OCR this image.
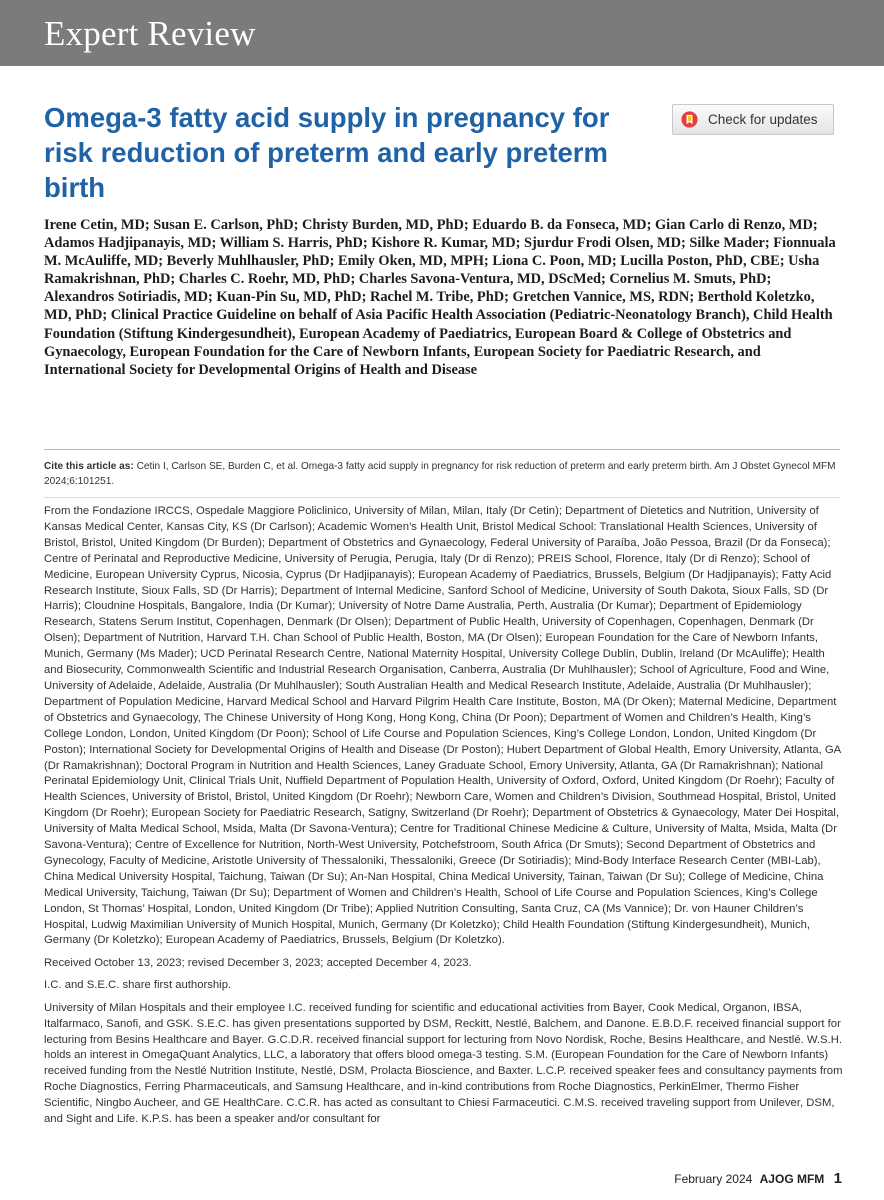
Expert Review
Omega-3 fatty acid supply in pregnancy for risk reduction of preterm and early preterm birth
Check for updates

Irene Cetin, MD; Susan E. Carlson, PhD; Christy Burden, MD, PhD; Eduardo B. da Fonseca, MD; Gian Carlo di Renzo, MD; Adamos Hadjipanayis, MD; William S. Harris, PhD; Kishore R. Kumar, MD; Sjurdur Frodi Olsen, MD; Silke Mader; Fionnuala M. McAuliffe, MD; Beverly Muhlhausler, PhD; Emily Oken, MD, MPH; Liona C. Poon, MD; Lucilla Poston, PhD, CBE; Usha Ramakrishnan, PhD; Charles C. Roehr, MD, PhD; Charles Savona-Ventura, MD, DScMed; Cornelius M. Smuts, PhD; Alexandros Sotiriadis, MD; Kuan-Pin Su, MD, PhD; Rachel M. Tribe, PhD; Gretchen Vannice, MS, RDN; Berthold Koletzko, MD, PhD; Clinical Practice Guideline on behalf of Asia Pacific Health Association (Pediatric-Neonatology Branch), Child Health Foundation (Stiftung Kindergesundheit), European Academy of Paediatrics, European Board & College of Obstetrics and Gynaecology, European Foundation for the Care of Newborn Infants, European Society for Paediatric Research, and International Society for Developmental Origins of Health and Disease

Cite this article as: Cetin I, Carlson SE, Burden C, et al. Omega-3 fatty acid supply in pregnancy for risk reduction of preterm and early preterm birth. Am J Obstet Gynecol MFM 2024;6:101251.

From the Fondazione IRCCS, Ospedale Maggiore Policlinico, University of Milan, Milan, Italy (Dr Cetin); Department of Dietetics and Nutrition, University of Kansas Medical Center, Kansas City, KS (Dr Carlson); Academic Women’s Health Unit, Bristol Medical School: Translational Health Sciences, University of Bristol, Bristol, United Kingdom (Dr Burden); Department of Obstetrics and Gynaecology, Federal University of Paraíba, João Pessoa, Brazil (Dr da Fonseca); Centre of Perinatal and Reproductive Medicine, University of Perugia, Perugia, Italy (Dr di Renzo); PREIS School, Florence, Italy (Dr di Renzo); School of Medicine, European University Cyprus, Nicosia, Cyprus (Dr Hadjipanayis); European Academy of Paediatrics, Brussels, Belgium (Dr Hadjipanayis); Fatty Acid Research Institute, Sioux Falls, SD (Dr Harris); Department of Internal Medicine, Sanford School of Medicine, University of South Dakota, Sioux Falls, SD (Dr Harris); Cloudnine Hospitals, Bangalore, India (Dr Kumar); University of Notre Dame Australia, Perth, Australia (Dr Kumar); Department of Epidemiology Research, Statens Serum Institut, Copenhagen, Denmark (Dr Olsen); Department of Public Health, University of Copenhagen, Copenhagen, Denmark (Dr Olsen); Department of Nutrition, Harvard T.H. Chan School of Public Health, Boston, MA (Dr Olsen); European Foundation for the Care of Newborn Infants, Munich, Germany (Ms Mader); UCD Perinatal Research Centre, National Maternity Hospital, University College Dublin, Dublin, Ireland (Dr McAuliffe); Health and Biosecurity, Commonwealth Scientific and Industrial Research Organisation, Canberra, Australia (Dr Muhlhausler); School of Agriculture, Food and Wine, University of Adelaide, Adelaide, Australia (Dr Muhlhausler); South Australian Health and Medical Research Institute, Adelaide, Australia (Dr Muhlhausler); Department of Population Medicine, Harvard Medical School and Harvard Pilgrim Health Care Institute, Boston, MA (Dr Oken); Maternal Medicine, Department of Obstetrics and Gynaecology, The Chinese University of Hong Kong, Hong Kong, China (Dr Poon); Department of Women and Children’s Health, King’s College London, London, United Kingdom (Dr Poon); School of Life Course and Population Sciences, King’s College London, London, United Kingdom (Dr Poston); International Society for Developmental Origins of Health and Disease (Dr Poston); Hubert Department of Global Health, Emory University, Atlanta, GA (Dr Ramakrishnan); Doctoral Program in Nutrition and Health Sciences, Laney Graduate School, Emory University, Atlanta, GA (Dr Ramakrishnan); National Perinatal Epidemiology Unit, Clinical Trials Unit, Nuffield Department of Population Health, University of Oxford, Oxford, United Kingdom (Dr Roehr); Faculty of Health Sciences, University of Bristol, Bristol, United Kingdom (Dr Roehr); Newborn Care, Women and Children’s Division, Southmead Hospital, Bristol, United Kingdom (Dr Roehr); European Society for Paediatric Research, Satigny, Switzerland (Dr Roehr); Department of Obstetrics & Gynaecology, Mater Dei Hospital, University of Malta Medical School, Msida, Malta (Dr Savona-Ventura); Centre for Traditional Chinese Medicine & Culture, University of Malta, Msida, Malta (Dr Savona-Ventura); Centre of Excellence for Nutrition, North-West University, Potchefstroom, South Africa (Dr Smuts); Second Department of Obstetrics and Gynecology, Faculty of Medicine, Aristotle University of Thessaloniki, Thessaloniki, Greece (Dr Sotiriadis); Mind-Body Interface Research Center (MBI-Lab), China Medical University Hospital, Taichung, Taiwan (Dr Su); An-Nan Hospital, China Medical University, Tainan, Taiwan (Dr Su); College of Medicine, China Medical University, Taichung, Taiwan (Dr Su); Department of Women and Children’s Health, School of Life Course and Population Sciences, King’s College London, St Thomas’ Hospital, London, United Kingdom (Dr Tribe); Applied Nutrition Consulting, Santa Cruz, CA (Ms Vannice); Dr. von Hauner Children’s Hospital, Ludwig Maximilian University of Munich Hospital, Munich, Germany (Dr Koletzko); Child Health Foundation (Stiftung Kindergesundheit), Munich, Germany (Dr Koletzko); European Academy of Paediatrics, Brussels, Belgium (Dr Koletzko).

Received October 13, 2023; revised December 3, 2023; accepted December 4, 2023.

I.C. and S.E.C. share first authorship.

University of Milan Hospitals and their employee I.C. received funding for scientific and educational activities from Bayer, Cook Medical, Organon, IBSA, Italfarmaco, Sanofi, and GSK. S.E.C. has given presentations supported by DSM, Reckitt, Nestlé, Balchem, and Danone. E.B.D.F. received financial support for lecturing from Besins Healthcare and Bayer. G.C.D.R. received financial support for lecturing from Novo Nordisk, Roche, Besins Healthcare, and Nestlé. W.S.H. holds an interest in OmegaQuant Analytics, LLC, a laboratory that offers blood omega-3 testing. S.M. (European Foundation for the Care of Newborn Infants) received funding from the Nestlé Nutrition Institute, Nestlé, DSM, Prolacta Bioscience, and Baxter. L.C.P. received speaker fees and consultancy payments from Roche Diagnostics, Ferring Pharmaceuticals, and Samsung Healthcare, and in-kind contributions from Roche Diagnostics, PerkinElmer, Thermo Fisher Scientific, Ningbo Aucheer, and GE HealthCare. C.C.R. has acted as consultant to Chiesi Farmaceutici. C.M.S. received traveling support from Unilever, DSM, and Sight and Life. K.P.S. has been a speaker and/or consultant for

February 2024 AJOG MFM 1
